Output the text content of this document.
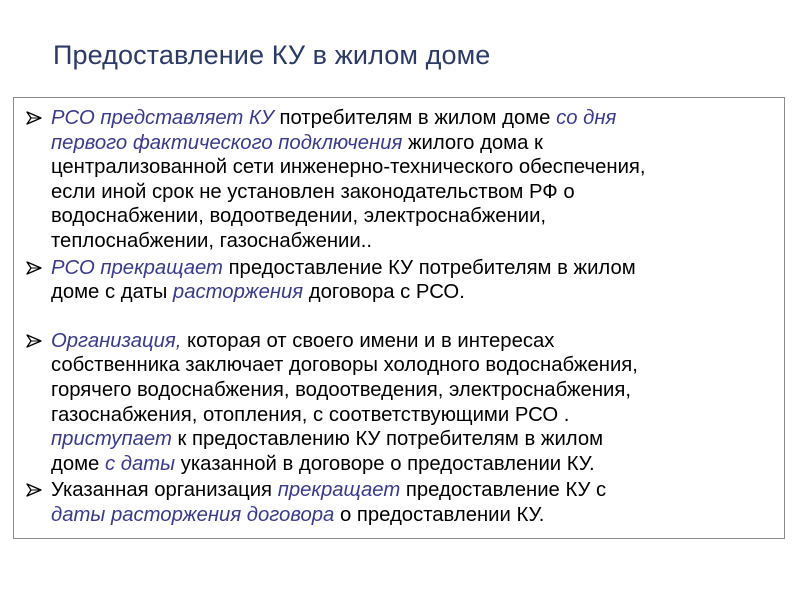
Предоставление КУ в жилом доме
РСО представляет КУ потребителям в жилом доме со дня
первого фактического подключения жилого дома к
централизованной сети инженерно-технического обеспечения,
если иной срок не установлен законодательством РФ о
водоснабжении, водоотведении, электроснабжении,
теплоснабжении, газоснабжении..
РСО прекращает предоставление КУ потребителям в жилом
доме с даты расторжения договора с РСО.
Организация, которая от своего имени и в интересах
собственника заключает договоры холодного водоснабжения,
горячего водоснабжения, водоотведения, электроснабжения,
газоснабжения, отопления, с соответствующими РСО .
приступает к предоставлению КУ потребителям в жилом
доме с даты указанной в договоре о предоставлении КУ.
Указанная организация прекращает предоставление КУ с
даты расторжения договора о предоставлении КУ.
